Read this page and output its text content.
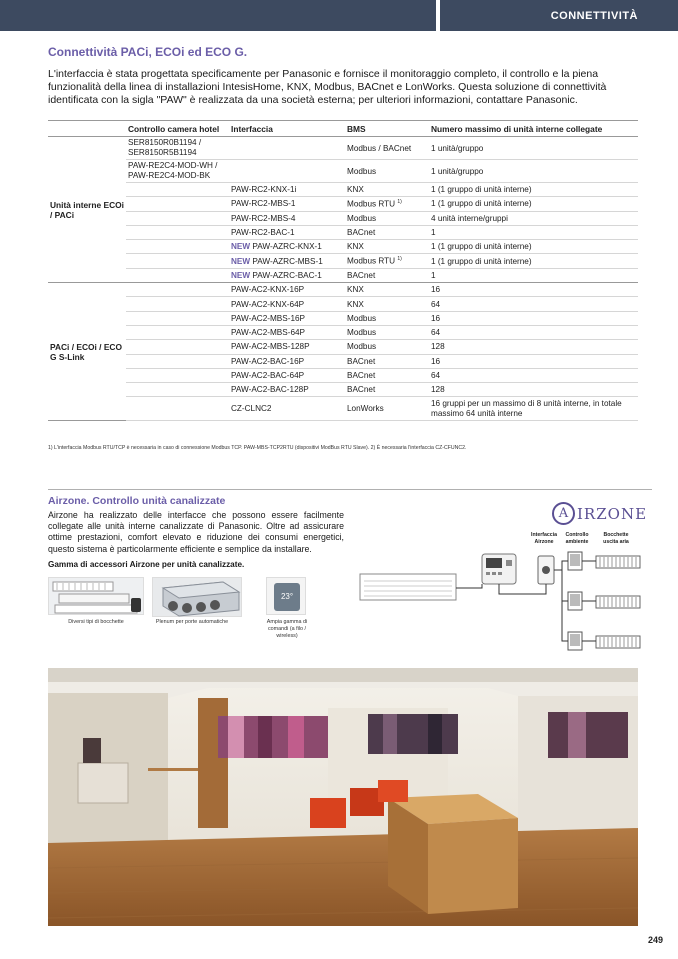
CONNETTIVITÀ
Connettività PACi, ECOi ed ECO G.

L'interfaccia è stata progettata specificamente per Panasonic e fornisce il monitoraggio completo, il controllo e la piena funzionalità della linea di installazioni IntesisHome, KNX, Modbus, BACnet e LonWorks. Questa soluzione di connettività identificata con la sigla "PAW" è realizzata da una società esterna; per ulteriori informazioni, contattare Panasonic.

	Controllo camera hotel	Interfaccia	BMS	Numero massimo di unità interne collegate
Unità interne ECOi / PACi	SER8150R0B1194 / SER8150R5B1194		Modbus / BACnet	1 unità/gruppo
	PAW-RE2C4-MOD-WH / PAW-RE2C4-MOD-BK		Modbus	1 unità/gruppo
		PAW-RC2-KNX-1i	KNX	1 (1 gruppo di unità interne)
		PAW-RC2-MBS-1	Modbus RTU $^{1)}$	1 (1 gruppo di unità interne)
		PAW-RC2-MBS-4	Modbus	4 unità interne/gruppi
		PAW-RC2-BAC-1	BACnet	1
		NEW PAW-AZRC-KNX-1	KNX	1 (1 gruppo di unità interne)
		NEW PAW-AZRC-MBS-1	Modbus RTU $^{1)}$	1 (1 gruppo di unità interne)
		NEW PAW-AZRC-BAC-1	BACnet	1
PACi / ECOi / ECO G S-Link		PAW-AC2-KNX-16P	KNX	16
		PAW-AC2-KNX-64P	KNX	64
		PAW-AC2-MBS-16P	Modbus	16
		PAW-AC2-MBS-64P	Modbus	64
		PAW-AC2-MBS-128P	Modbus	128
		PAW-AC2-BAC-16P	BACnet	16
		PAW-AC2-BAC-64P	BACnet	64
		PAW-AC2-BAC-128P	BACnet	128
		CZ-CLNC2	LonWorks	16 gruppi per un massimo di 8 unità interne, in totale massimo 64 unità interne
1) L'interfaccia Modbus RTU/TCP è necessaria in caso di connessione Modbus TCP. PAW-MBS-TCP2RTU (dispositivi ModBus RTU Slave). 2) È necessaria l'interfaccia CZ-CFUNC2.
Airzone. Controllo unità canalizzate

Airzone ha realizzato delle interfacce che possono essere facilmente collegate alle unità interne canalizzate di Panasonic. Oltre ad assicurare ottime prestazioni, comfort elevato e riduzione dei consumi energetici, questo sistema è particolarmente efficiente e semplice da installare.

Gamma di accessori Airzone per unità canalizzate.
Diversi tipi di bocchette	Plenum per porte automatiche
23°
Ampia gamma di comandi (a filo / wireless)
A IRZONE
Interfaccia Airzone
Controllo ambiente
Bocchette uscita aria
249
